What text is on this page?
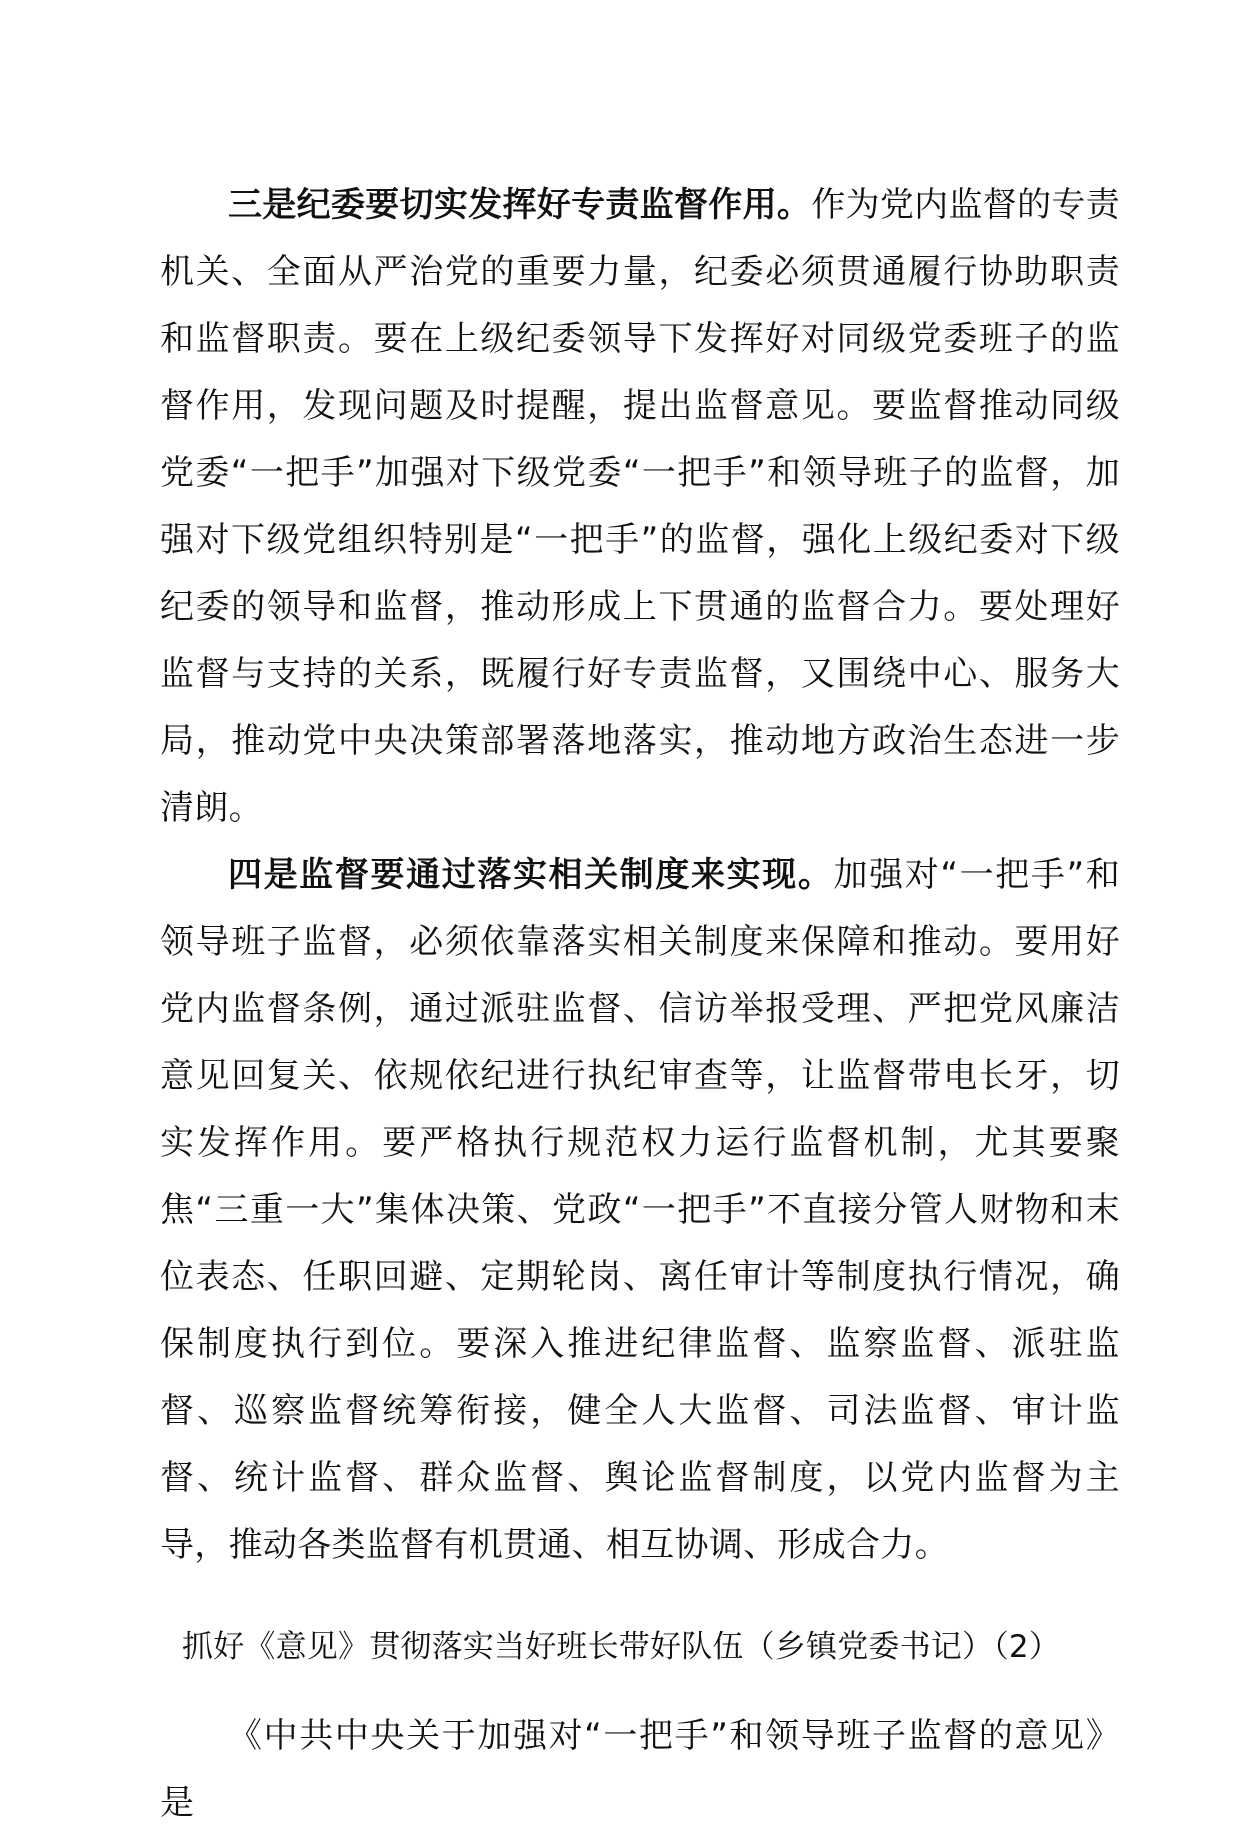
三是纪委要切实发挥好专责监督作用。作为党内监督的专责机关、全面从严治党的重要力量，纪委必须贯通履行协助职责和监督职责。要在上级纪委领导下发挥好对同级党委班子的监督作用，发现问题及时提醒，提出监督意见。要监督推动同级党委“一把手”加强对下级党委“一把手”和领导班子的监督，加强对下级党组织特别是“一把手”的监督，强化上级纪委对下级纪委的领导和监督，推动形成上下贯通的监督合力。要处理好监督与支持的关系，既履行好专责监督，又围绕中心、服务大局，推动党中央决策部署落地落实，推动地方政治生态进一步清朗。

四是监督要通过落实相关制度来实现。加强对“一把手”和领导班子监督，必须依靠落实相关制度来保障和推动。要用好党内监督条例，通过派驻监督、信访举报受理、严把党风廉洁意见回复关、依规依纪进行执纪审查等，让监督带电长牙，切实发挥作用。要严格执行规范权力运行监督机制，尤其要聚焦“三重一大”集体决策、党政“一把手”不直接分管人财物和末位表态、任职回避、定期轮岗、离任审计等制度执行情况，确保制度执行到位。要深入推进纪律监督、监察监督、派驻监督、巡察监督统筹衔接，健全人大监督、司法监督、审计监督、统计监督、群众监督、舆论监督制度，以党内监督为主导，推动各类监督有机贯通、相互协调、形成合力。

抓好《意见》贯彻落实当好班长带好队伍（乡镇党委书记）（2）

《中共中央关于加强对“一把手”和领导班子监督的意见》是
